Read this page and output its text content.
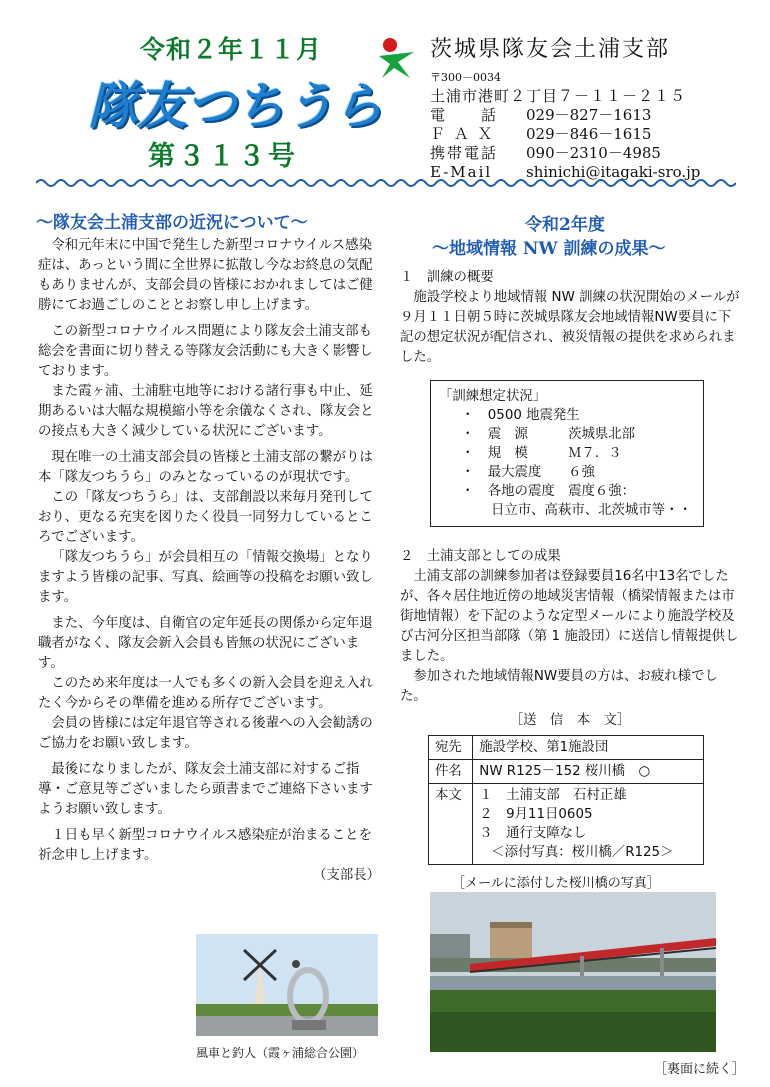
令和２年１１月
隊友つちうら
第３１３号
茨城県隊友会土浦支部
〒300－0034
土浦市港町２丁目７－１１－２１５
電　　話 029－827－1613
Ｆ Ａ Ｘ 029－846－1615
携帯電話 090－2310－4985
E-Mail shinichi@itagaki-sro.jp
～隊友会土浦支部の近況について～

令和元年末に中国で発生した新型コロナウイルス感染症は、あっという間に全世界に拡散し今なお終息の気配もありませんが、支部会員の皆様におかれましてはご健勝にてお過ごしのこととお察し申し上げます。

この新型コロナウイルス問題により隊友会土浦支部も総会を書面に切り替える等隊友会活動にも大きく影響しております。

また霞ヶ浦、土浦駐屯地等における諸行事も中止、延期あるいは大幅な規模縮小等を余儀なくされ、隊友会との接点も大きく減少している状況にございます。

現在唯一の土浦支部会員の皆様と土浦支部の繋がりは本「隊友つちうら」のみとなっているのが現状です。

この「隊友つちうら」は、支部創設以来毎月発刊しており、更なる充実を図りたく役員一同努力しているところでございます。

「隊友つちうら」が会員相互の「情報交換場」となりますよう皆様の記事、写真、絵画等の投稿をお願い致します。

また、今年度は、自衛官の定年延長の関係から定年退職者がなく、隊友会新入会員も皆無の状況にございます。

このため来年度は一人でも多くの新入会員を迎え入れたく今からその準備を進める所存でございます。

会員の皆様には定年退官等される後輩への入会勧誘のご協力をお願い致します。

最後になりましたが、隊友会土浦支部に対するご指導・ご意見等ございましたら頭書までご連絡下さいますようお願い致します。

１日も早く新型コロナウイルス感染症が治まることを祈念申し上げます。

（支部長）
風車と釣人（霞ヶ浦総合公園）
令和2年度
～地域情報 NW 訓練の成果～
１　訓練の概要

施設学校より地域情報 NW 訓練の状況開始のメールが９月１１日朝５時に茨城県隊友会地域情報NW要員に下記の想定状況が配信され、被災情報の提供を求められました。

「訓練想定状況」
・　0500 地震発生
・　震　源　　　茨城県北部
・　規　模　　　Ｍ７．３
・　最大震度　　６強
・　各地の震度　震度６強：
日立市、高萩市、北茨城市等・・
２　土浦支部としての成果

土浦支部の訓練参加者は登録要員16名中13名でしたが、各々居住地近傍の地域災害情報（橋梁情報または市街地情報）を下記のような定型メールにより施設学校及び古河分区担当部隊（第 1 施設団）に送信し情報提供しました。

参加された地域情報NW要員の方は、お疲れ様でした。

［送　信　本　文］
宛先	施設学校、第1施設団
件名	NW R125－152 桜川橋　○
本文	１　土浦支部　石村正雄
２　9月11日0605
３　通行支障なし
＜添付写真：桜川橋／R125＞
［メールに添付した桜川橋の写真］
［裏面に続く］
